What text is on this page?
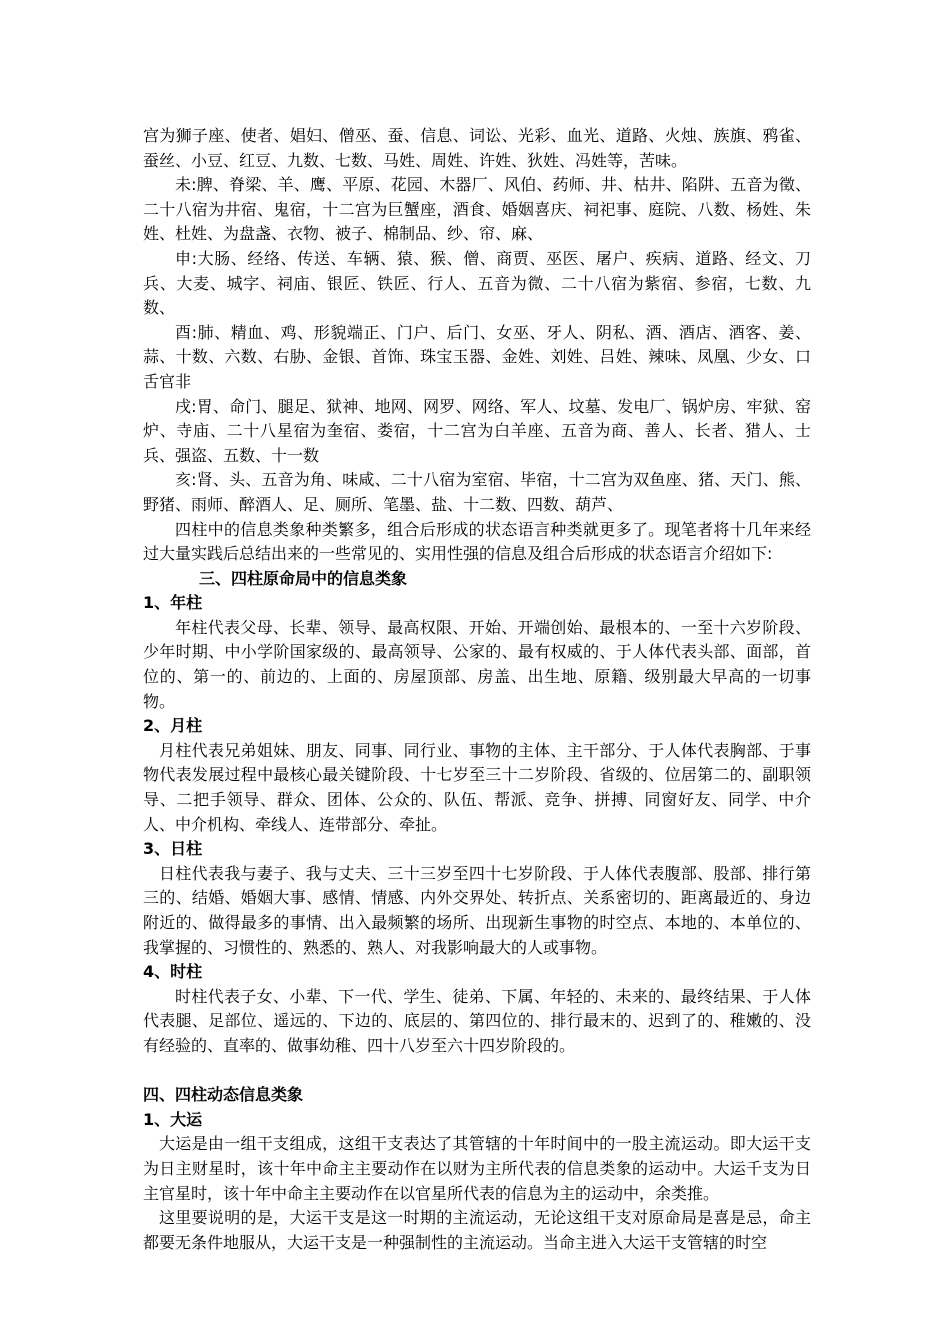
宫为狮子座、使者、娼妇、僧巫、蚕、信息、词讼、光彩、血光、道路、火烛、族旗、鸦雀、蚕丝、小豆、红豆、九数、七数、马姓、周姓、许姓、狄姓、冯姓等，苦味。

未:脾、脊梁、羊、鹰、平原、花园、木器厂、风伯、药师、井、枯井、陷阱、五音为徵、二十八宿为井宿、鬼宿，十二宫为巨蟹座，酒食、婚姻喜庆、祠祀事、庭院、八数、杨姓、朱姓、杜姓、为盘盏、衣物、被子、棉制品、纱、帘、麻、

申:大肠、经络、传送、车辆、猿、猴、僧、商贾、巫医、屠户、疾病、道路、经文、刀兵、大麦、城字、祠庙、银匠、铁匠、行人、五音为微、二十八宿为紫宿、参宿，七数、九数、

酉:肺、精血、鸡、形貌端正、门户、后门、女巫、牙人、阴私、酒、酒店、酒客、姜、蒜、十数、六数、右胁、金银、首饰、珠宝玉器、金姓、刘姓、吕姓、辣味、凤凰、少女、口舌官非

戌:胃、命门、腿足、狱神、地网、网罗、网络、军人、坟墓、发电厂、锅炉房、牢狱、窑炉、寺庙、二十八星宿为奎宿、娄宿，十二宫为白羊座、五音为商、善人、长者、猎人、士兵、强盗、五数、十一数

亥:肾、头、五音为角、味咸、二十八宿为室宿、毕宿，十二宫为双鱼座、猪、天门、熊、野猪、雨师、醉酒人、足、厕所、笔墨、盐、十二数、四数、葫芦、

四柱中的信息类象种类繁多，组合后形成的状态语言种类就更多了。现笔者将十几年来经过大量实践后总结出来的一些常见的、实用性强的信息及组合后形成的状态语言介绍如下:

三、四柱原命局中的信息类象

1、年柱

年柱代表父母、长辈、领导、最高权限、开始、开端创始、最根本的、一至十六岁阶段、少年时期、中小学阶国家级的、最高领导、公家的、最有权威的、于人体代表头部、面部，首位的、第一的、前边的、上面的、房屋顶部、房盖、出生地、原籍、级别最大早高的一切事物。

2、月柱

月柱代表兄弟姐妹、朋友、同事、同行业、事物的主体、主干部分、于人体代表胸部、于事物代表发展过程中最核心最关键阶段、十七岁至三十二岁阶段、省级的、位居第二的、副职领导、二把手领导、群众、团体、公众的、队伍、帮派、竞争、拼搏、同窗好友、同学、中介人、中介机构、牵线人、连带部分、牵扯。

3、日柱

日柱代表我与妻子、我与丈夫、三十三岁至四十七岁阶段、于人体代表腹部、股部、排行第三的、结婚、婚姻大事、感情、情感、内外交界处、转折点、关系密切的、距离最近的、身边附近的、做得最多的事情、出入最频繁的场所、出现新生事物的时空点、本地的、本单位的、我掌握的、习惯性的、熟悉的、熟人、对我影响最大的人或事物。

4、时柱

时柱代表子女、小辈、下一代、学生、徒弟、下属、年轻的、未来的、最终结果、于人体代表腿、足部位、遥远的、下边的、底层的、第四位的、排行最末的、迟到了的、稚嫩的、没有经验的、直率的、做事幼稚、四十八岁至六十四岁阶段的。

四、四柱动态信息类象

1、大运

大运是由一组干支组成，这组干支表达了其管辖的十年时间中的一股主流运动。即大运干支为日主财星时，该十年中命主主要动作在以财为主所代表的信息类象的运动中。大运千支为日主官星时，该十年中命主主要动作在以官星所代表的信息为主的运动中，余类推。

这里要说明的是，大运干支是这一时期的主流运动，无论这组干支对原命局是喜是忌，命主都要无条件地服从，大运干支是一种强制性的主流运动。当命主进入大运干支管辖的时空
